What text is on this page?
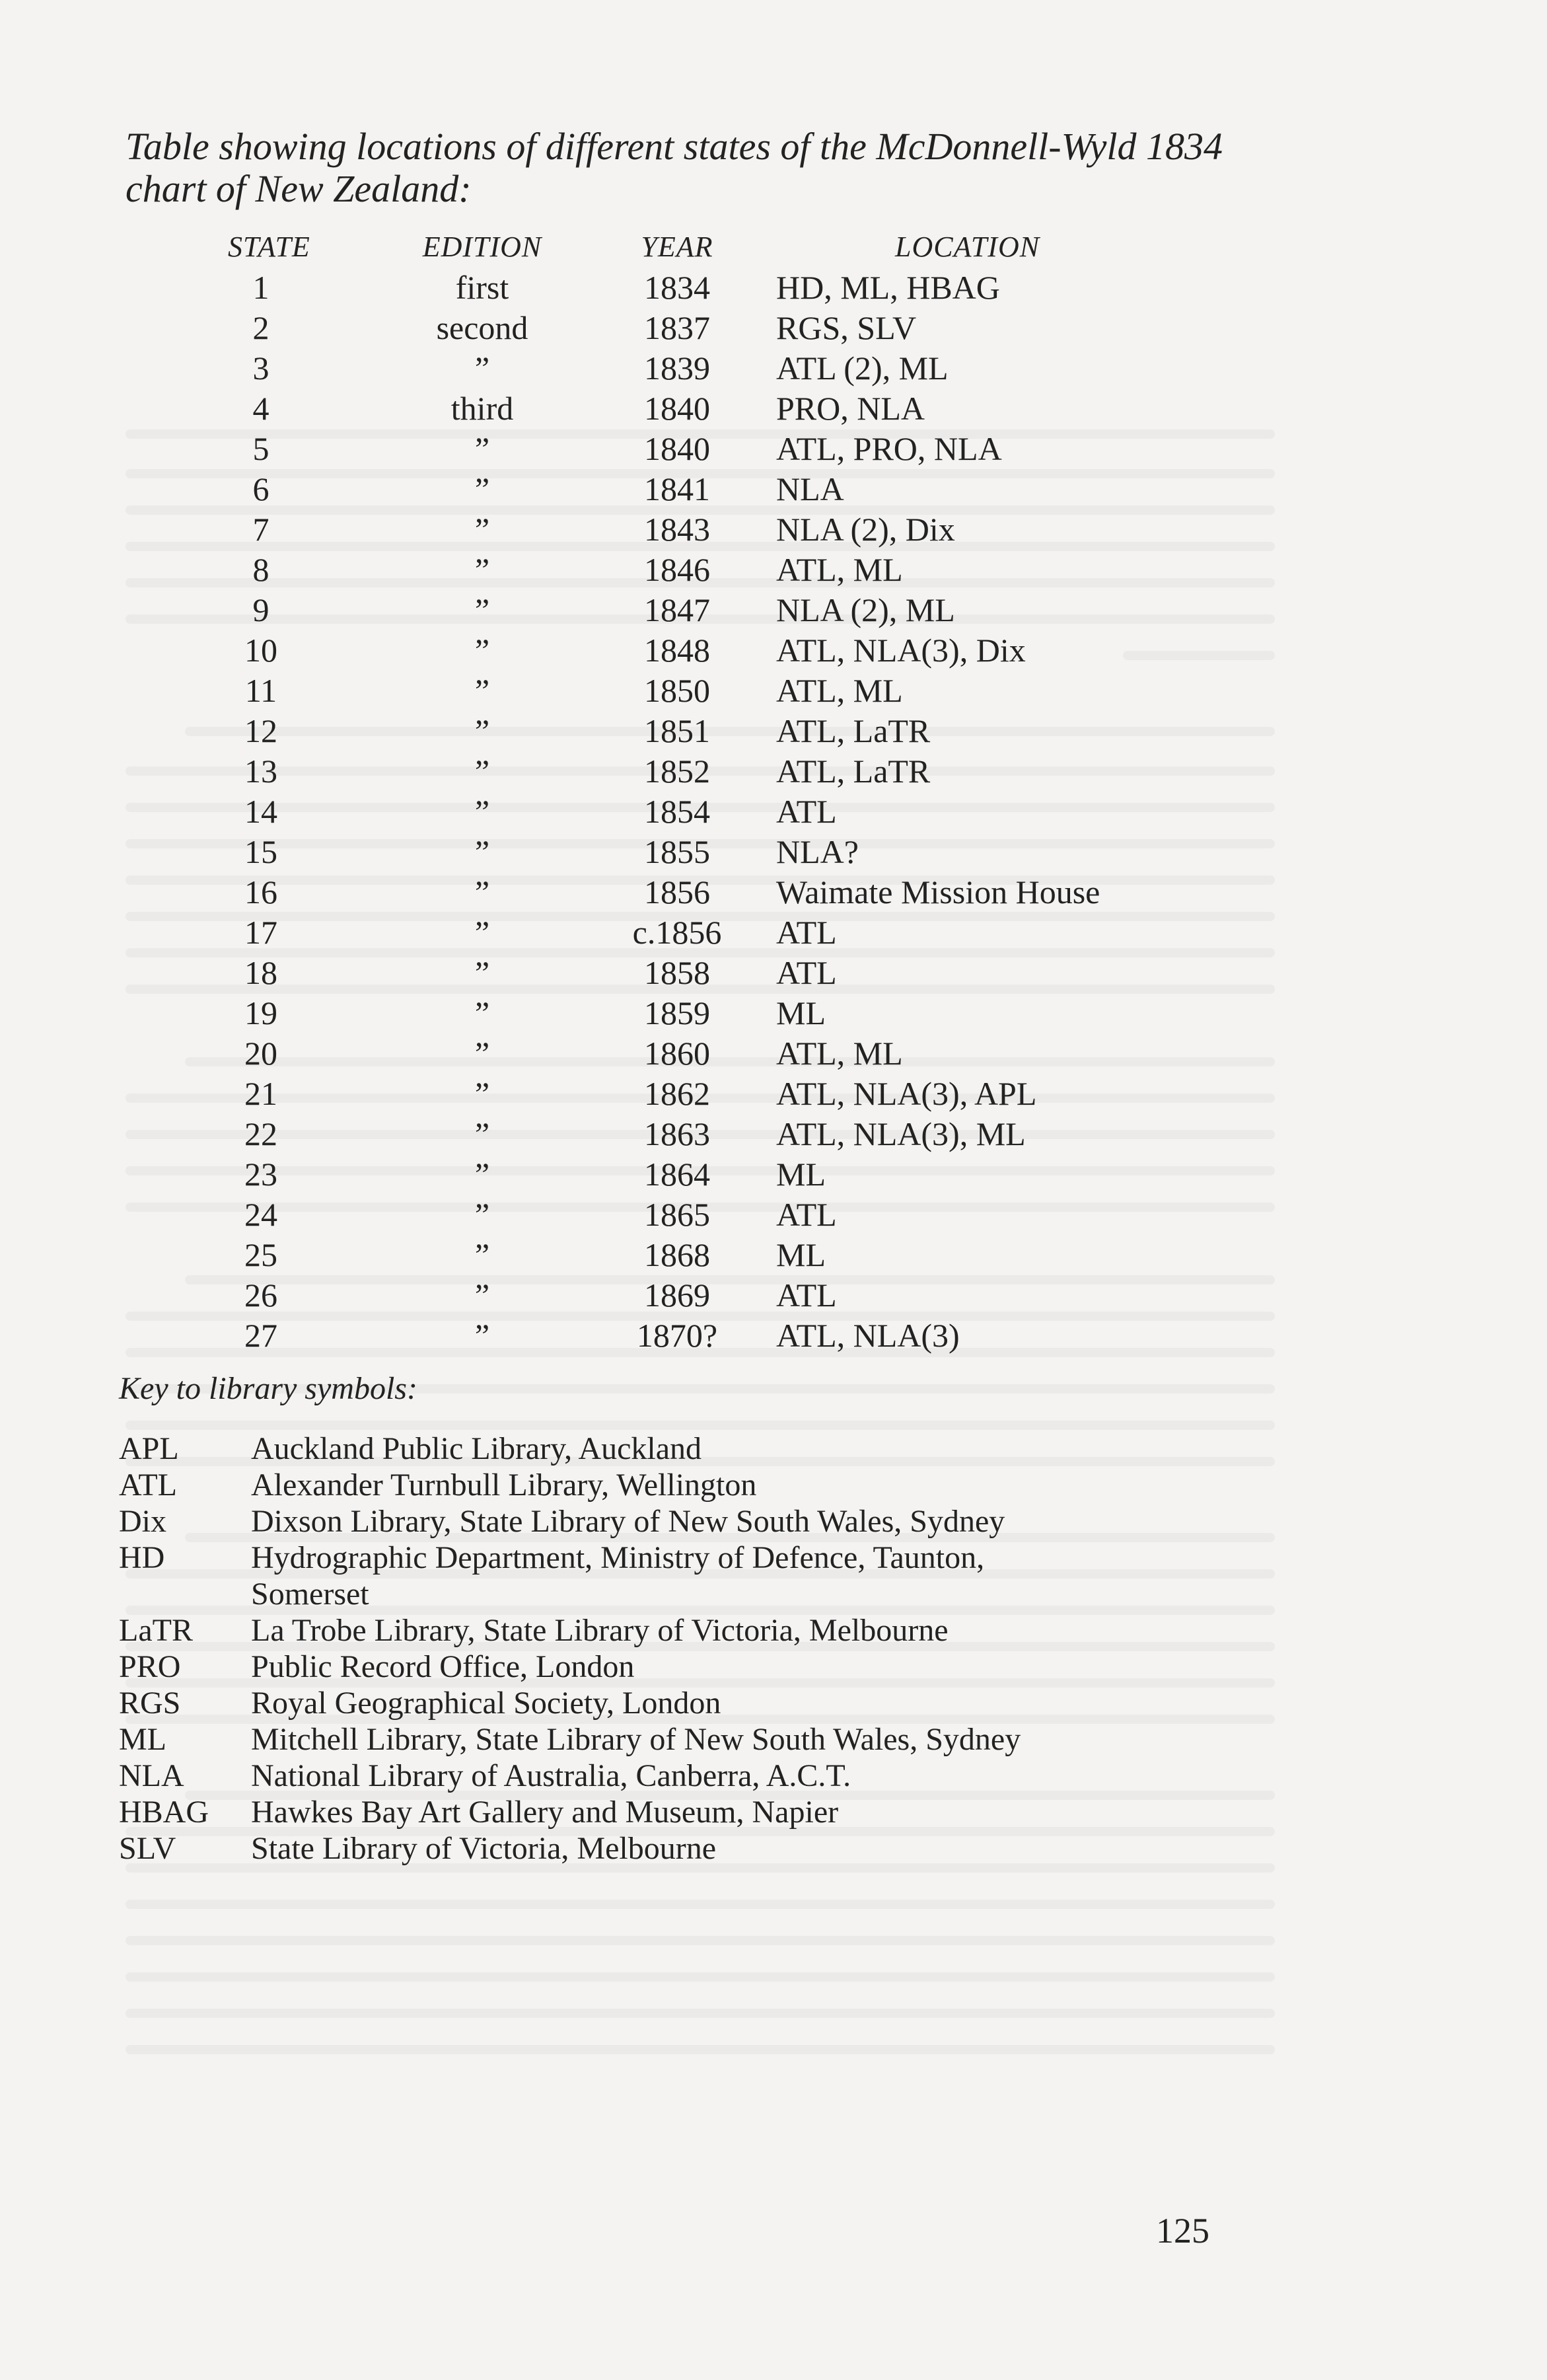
Table showing locations of different states of the McDonnell-Wyld 1834 chart of New Zealand:
STATE	EDITION	YEAR	LOCATION
1	first	1834	HD, ML, HBAG
2	second	1837	RGS, SLV
3	”	1839	ATL (2), ML
4	third	1840	PRO, NLA
5	”	1840	ATL, PRO, NLA
6	”	1841	NLA
7	”	1843	NLA (2), Dix
8	”	1846	ATL, ML
9	”	1847	NLA (2), ML
10	”	1848	ATL, NLA(3), Dix
11	”	1850	ATL, ML
12	”	1851	ATL, LaTR
13	”	1852	ATL, LaTR
14	”	1854	ATL
15	”	1855	NLA?
16	”	1856	Waimate Mission House
17	”	c.1856	ATL
18	”	1858	ATL
19	”	1859	ML
20	”	1860	ATL, ML
21	”	1862	ATL, NLA(3), APL
22	”	1863	ATL, NLA(3), ML
23	”	1864	ML
24	”	1865	ATL
25	”	1868	ML
26	”	1869	ATL
27	”	1870?	ATL, NLA(3)
Key to library symbols:
APL Auckland Public Library, Auckland
ATL Alexander Turnbull Library, Wellington
Dix	Dixson Library, State Library of New South Wales, Sydney
HD	Hydrographic Department, Ministry of Defence, Taunton, Somerset
LaTR La Trobe Library, State Library of Victoria, Melbourne
PRO Public Record Office, London
RGS Royal Geographical Society, London
ML	Mitchell Library, State Library of New South Wales, Sydney
NLA National Library of Australia, Canberra, A.C.T.
HBAG Hawkes Bay Art Gallery and Museum, Napier
SLV State Library of Victoria, Melbourne
125
